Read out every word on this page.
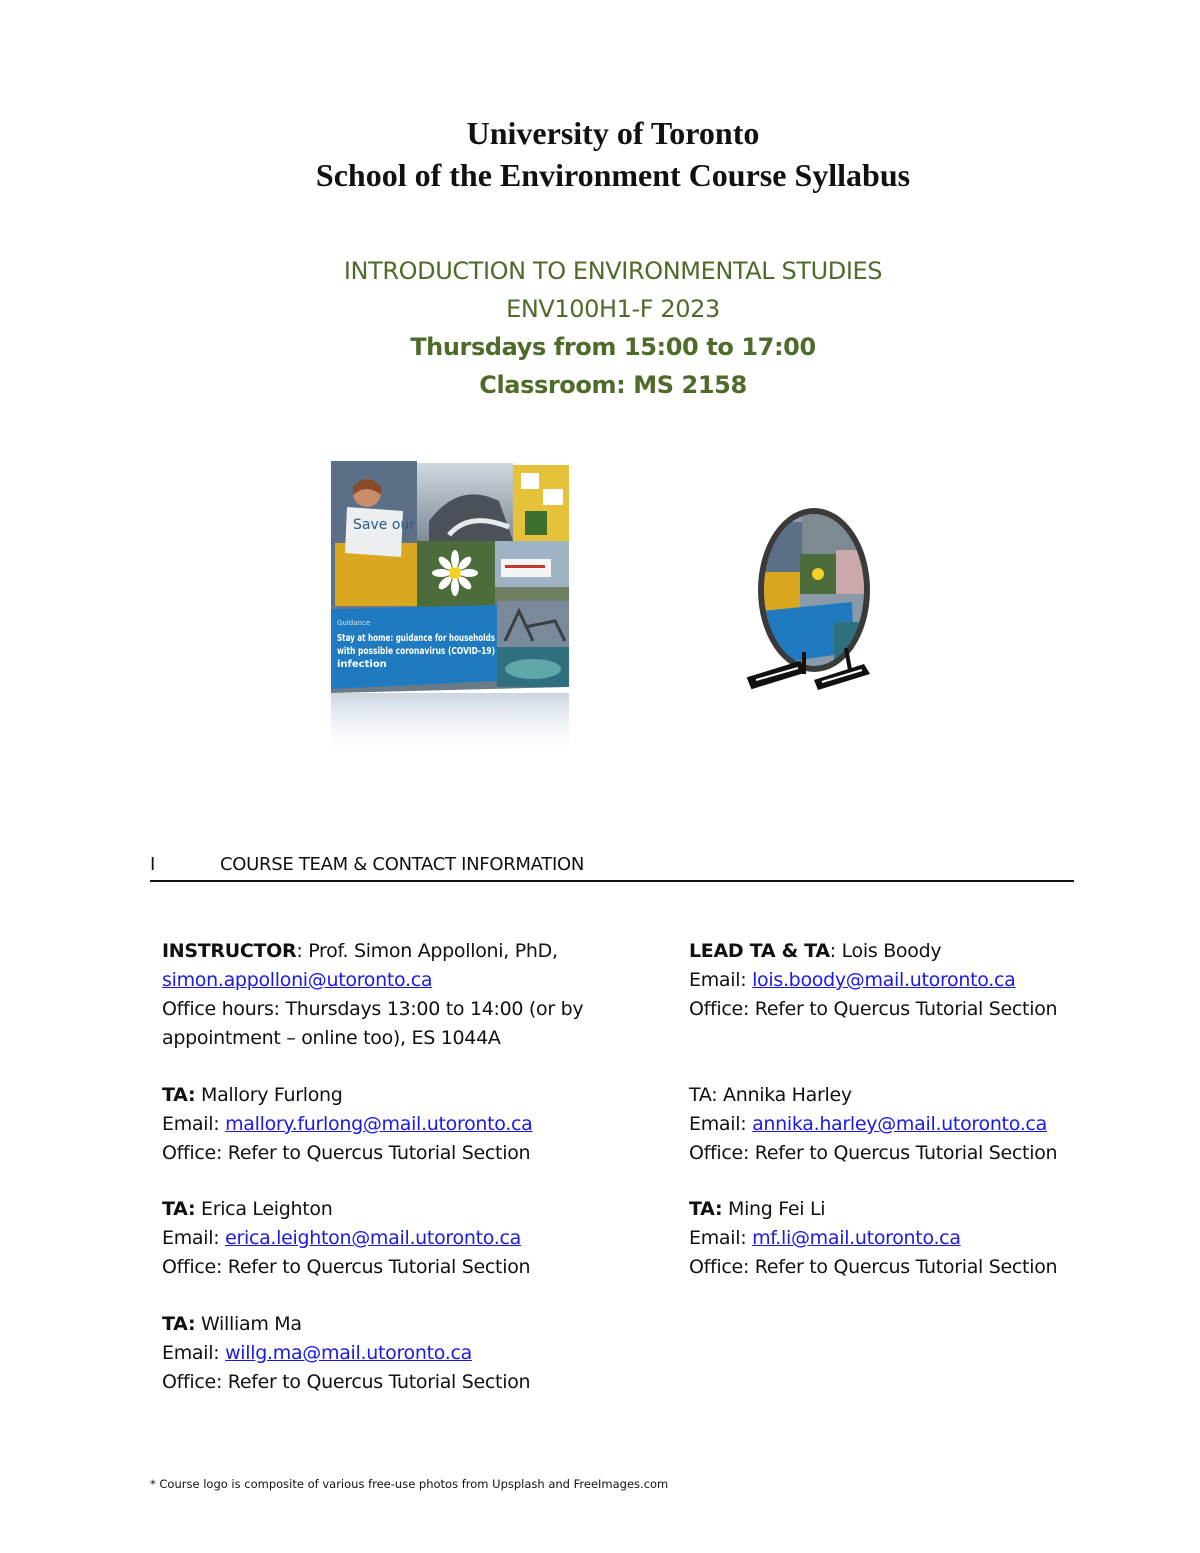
University of Toronto
School of the Environment Course Syllabus
INTRODUCTION TO ENVIRONMENTAL STUDIES
ENV100H1-F 2023
Thursdays from 15:00 to 17:00
Classroom: MS 2158
Save our
Guidance
Stay at home: guidance for households
with possible coronavirus (COVID-19)
infection
I	COURSE TEAM & CONTACT INFORMATION

INSTRUCTOR: Prof. Simon Appolloni, PhD,

simon.appolloni@utoronto.ca

Office hours: Thursdays 13:00 to 14:00 (or by

appointment – online too), ES 1044A

LEAD TA & TA: Lois Boody

Email: lois.boody@mail.utoronto.ca

Office: Refer to Quercus Tutorial Section

TA: Mallory Furlong

Email: mallory.furlong@mail.utoronto.ca

Office: Refer to Quercus Tutorial Section

TA: Annika Harley

Email: annika.harley@mail.utoronto.ca

Office: Refer to Quercus Tutorial Section

TA: Erica Leighton

Email: erica.leighton@mail.utoronto.ca

Office: Refer to Quercus Tutorial Section

TA: Ming Fei Li

Email: mf.li@mail.utoronto.ca

Office: Refer to Quercus Tutorial Section

TA: William Ma

Email: willg.ma@mail.utoronto.ca

Office: Refer to Quercus Tutorial Section

* Course logo is composite of various free-use photos from Upsplash and FreeImages.com
